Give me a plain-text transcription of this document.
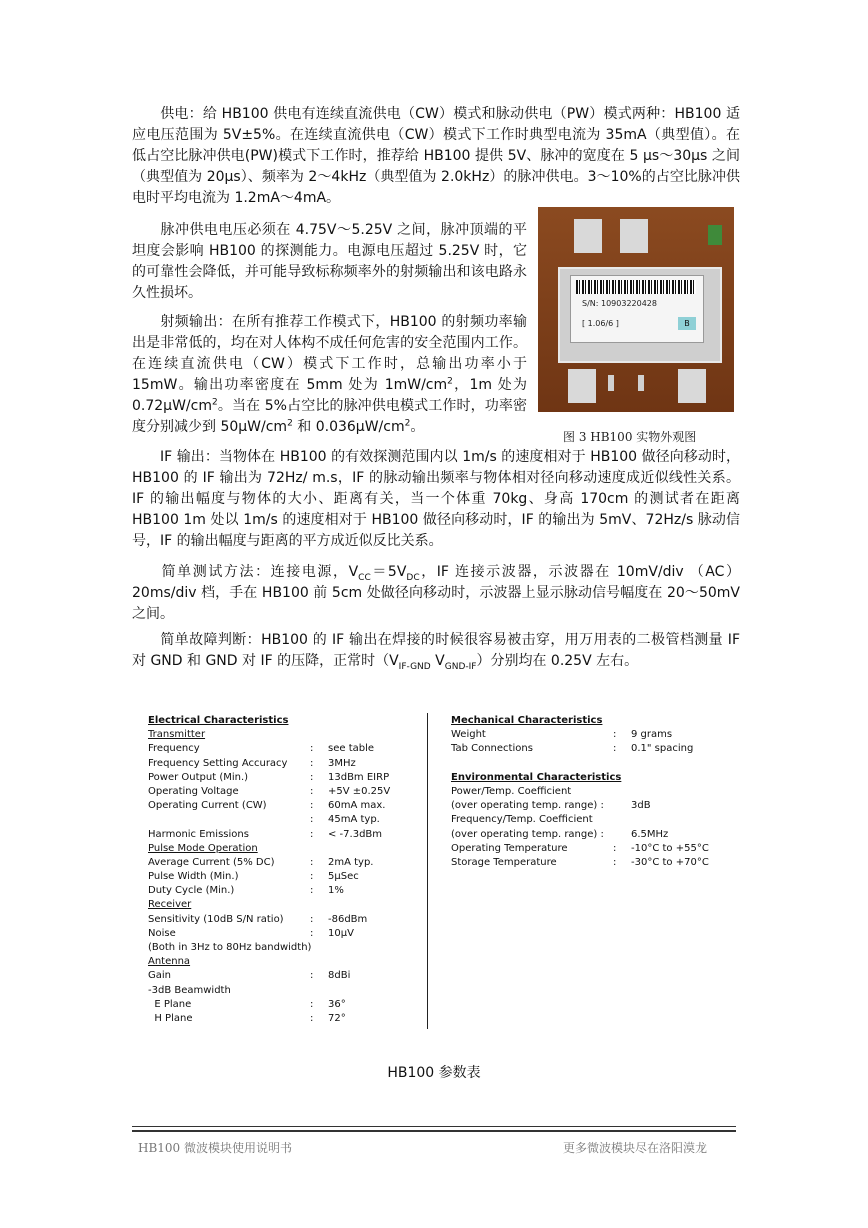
供电：给 HB100 供电有连续直流供电（CW）模式和脉动供电（PW）模式两种：HB100 适应电压范围为 5V±5%。在连续直流供电（CW）模式下工作时典型电流为 35mA（典型值）。在低占空比脉冲供电(PW)模式下工作时，推荐给 HB100 提供 5V、脉冲的宽度在 5 μs～30μs 之间（典型值为 20μs）、频率为 2～4kHz（典型值为 2.0kHz）的脉冲供电。3～10%的占空比脉冲供电时平均电流为 1.2mA～4mA。

脉冲供电电压必须在 4.75V～5.25V 之间，脉冲顶端的平坦度会影响 HB100 的探测能力。电源电压超过 5.25V 时，它的可靠性会降低，并可能导致标称频率外的射频输出和该电路永久性损坏。

射频输出：在所有推荐工作模式下，HB100 的射频功率输出是非常低的，均在对人体构不成任何危害的安全范围内工作。在连续直流供电（CW）模式下工作时，总输出功率小于 15mW。输出功率密度在 5mm 处为 $1mW/cm^2$，1m 处为 $0.72\mu W/cm^2$。当在 5%占空比的脉冲供电模式工作时，功率密度分别减少到 $50\mu W/cm^2$ 和 $0.036\mu W/cm^2$。

S/N: 10903220428
[ 1.06/6 ]	B
图 3 HB100 实物外观图

IF 输出：当物体在 HB100 的有效探测范围内以 1m/s 的速度相对于 HB100 做径向移动时，HB100 的 IF 输出为 72Hz/ m.s，IF 的脉动输出频率与物体相对径向移动速度成近似线性关系。IF 的输出幅度与物体的大小、距离有关，当一个体重 70kg、身高 170cm 的测试者在距离 HB100 1m 处以 1m/s 的速度相对于 HB100 做径向移动时，IF 的输出为 5mV、72Hz/s 脉动信号，IF 的输出幅度与距离的平方成近似反比关系。

简单测试方法：连接电源，$V_{CC}=5V_{DC}$，IF 连接示波器，示波器在 10mV/div （AC）20ms/div 档，手在 HB100 前 5cm 处做径向移动时，示波器上显示脉动信号幅度在 20～50mV 之间。

简单故障判断：HB100 的 IF 输出在焊接的时候很容易被击穿，用万用表的二极管档测量 IF 对 GND 和 GND 对 IF 的压降，正常时（$V_{IF-GND}$ $V_{GND-IF}$）分别均在 0.25V 左右。

Electrical Characteristics
Transmitter
Frequency	: see table
Frequency Setting Accuracy : 3MHz
Power Output (Min.)	: 13dBm EIRP
Operating Voltage	: +5V ±0.25V
Operating Current (CW)	: 60mA max.
: 45mA typ.
Harmonic Emissions	: < -7.3dBm
Pulse Mode Operation
Average Current (5% DC)	: 2mA typ.
Pulse Width (Min.)	: 5μSec
Duty Cycle (Min.)	: 1%
Receiver
Sensitivity (10dB S/N ratio)	: -86dBm
Noise	: 10μV
(Both in 3Hz to 80Hz bandwidth)
Antenna
Gain	: 8dBi
-3dB Beamwidth
E Plane	: 36°
H Plane	: 72°
Mechanical Characteristics
Weight	: 9 grams
Tab Connections	: 0.1" spacing
Environmental Characteristics
Power/Temp. Coefficient
(over operating temp. range) :	3dB
Frequency/Temp. Coefficient
(over operating temp. range) :	6.5MHz
Operating Temperature	: -10°C to +55°C
Storage Temperature	: -30°C to +70°C
HB100 参数表
HB100 微波模块使用说明书	更多微波模块尽在洛阳漠龙
